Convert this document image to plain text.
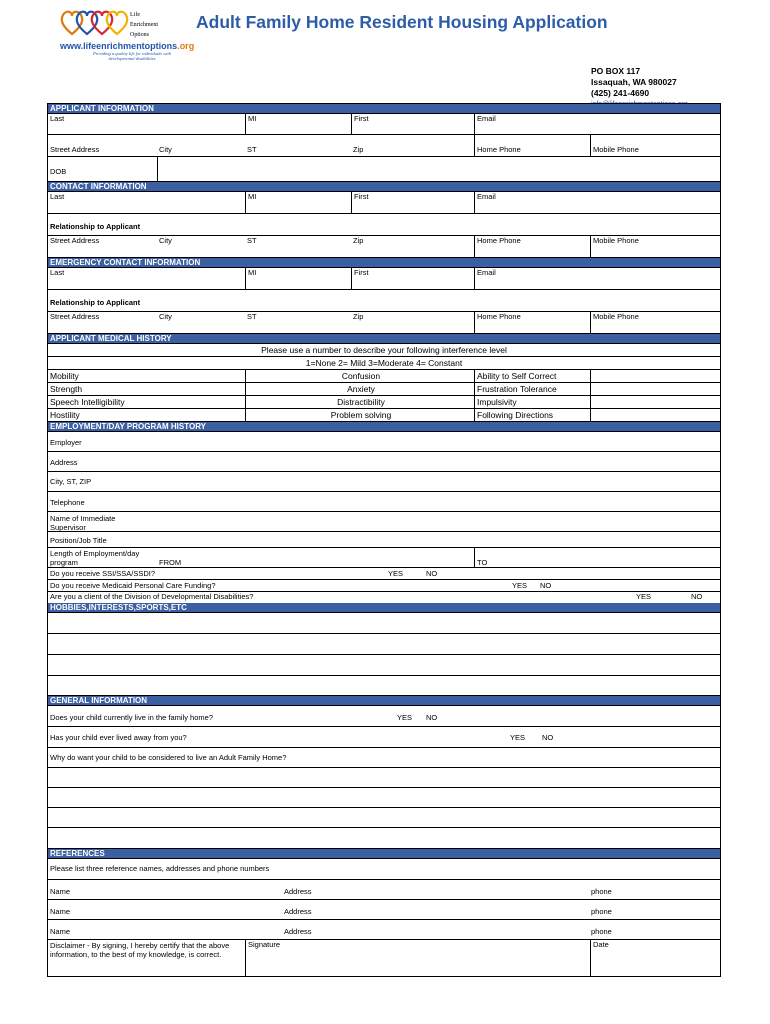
Life
Enrichment
Options
www.lifeenrichmentoptions.org
Providing a quality life for individuals with developmental disabilities
Adult Family Home Resident Housing Application
PO BOX 117
Issaquah, WA 980027
(425) 241-4690
APPLICANT INFORMATION
Last	MI	First	Email
Street Address	City	ST	Zip	Home Phone	Mobile Phone
DOB
CONTACT INFORMATION
Last	MI	First	Email
Relationship to Applicant
Street Address	City	ST	Zip	Home Phone	Mobile Phone
EMERGENCY CONTACT INFORMATION
Last	MI	First	Email
Relationship to Applicant
Street Address	City	ST	Zip	Home Phone	Mobile Phone
APPLICANT MEDICAL HISTORY
Please use a number to describe your following interference level
1=None 2= Mild 3=Moderate 4= Constant
Mobility	Confusion	Ability to Self Correct
Strength	Anxiety	Frustration Tolerance
Speech Intelligibility	Distractibility	Impulsivity
Hostility	Problem solving	Following Directions
EMPLOYMENT/DAY PROGRAM HISTORY
Employer
Address
City, ST, ZIP
Telephone
Name of Immediate
Supervisor
Position/Job Title
Length of Employment/day
program	FROM	TO
Do you receive SSI/SSA/SSDI?	YES	NO
Do you receive Medicaid Personal Care Funding?	YES NO
Are you a client of the Division of Developmental Disabilities?	YES	NO
HOBBIES,INTERESTS,SPORTS,ETC
GENERAL INFORMATION
Does your child currently live in the family home?	YES NO
Has your child ever lived away from you?	YES NO
Why do want your child to be considered to live an Adult Family Home?
REFERENCES
Please list three reference names, addresses and phone numbers
Name	Address	phone
Name	Address	phone
Name	Address	phone
Disclaimer - By signing, I hereby certify that the above
information, to the best of my knowledge, is correct.
Signature	Date
